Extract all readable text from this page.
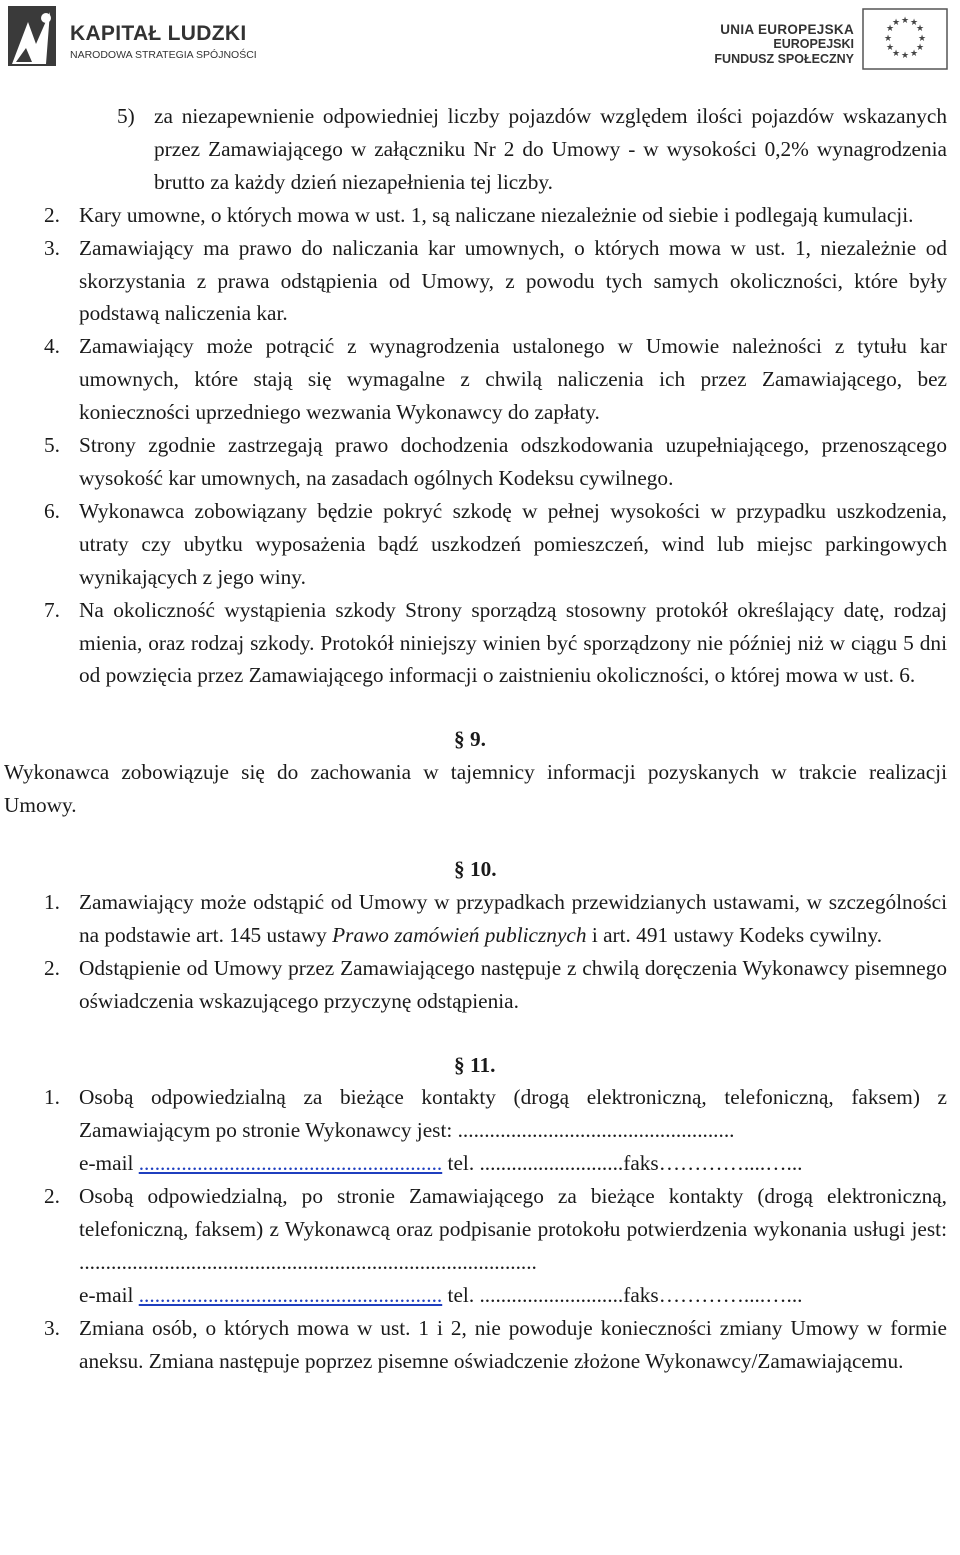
KAPITAŁ LUDZKI
NARODOWA STRATEGIA SPÓJNOŚCI
UNIA EUROPEJSKA
EUROPEJSKI
FUNDUSZ SPOŁECZNY
★ ★
★
★
★
★
★
★
★
★
★
★
5) za niezapewnienie odpowiedniej liczby pojazdów względem ilości pojazdów wskazanych przez Zamawiającego w załączniku Nr 2 do Umowy - w wysokości 0,2% wynagrodzenia brutto za każdy dzień niezapełnienia tej liczby.
2. Kary umowne, o których mowa w ust. 1, są naliczane niezależnie od siebie i podlegają kumulacji.
3. Zamawiający ma prawo do naliczania kar umownych, o których mowa w ust. 1, niezależnie od skorzystania z prawa odstąpienia od Umowy, z powodu tych samych okoliczności, które były podstawą naliczenia kar.
4. Zamawiający może potrącić z wynagrodzenia ustalonego w Umowie należności z tytułu kar umownych, które stają się wymagalne z chwilą naliczenia ich przez Zamawiającego, bez konieczności uprzedniego wezwania Wykonawcy do zapłaty.
5. Strony zgodnie zastrzegają prawo dochodzenia odszkodowania uzupełniającego, przenoszącego wysokość kar umownych, na zasadach ogólnych Kodeksu cywilnego.
6. Wykonawca zobowiązany będzie pokryć szkodę w pełnej wysokości w przypadku uszkodzenia, utraty czy ubytku wyposażenia bądź uszkodzeń pomieszczeń, wind lub miejsc parkingowych wynikających z jego winy.
7. Na okoliczność wystąpienia szkody Strony sporządzą stosowny protokół określający datę, rodzaj mienia, oraz rodzaj szkody. Protokół niniejszy winien być sporządzony nie później niż w ciągu 5 dni od powzięcia przez Zamawiającego informacji o zaistnieniu okoliczności, o której mowa w ust. 6.
§ 9.
Wykonawca zobowiązuje się do zachowania w tajemnicy informacji pozyskanych w trakcie realizacji Umowy.
§ 10.
1. Zamawiający może odstąpić od Umowy w przypadkach przewidzianych ustawami, w szczególności na podstawie art. 145 ustawy Prawo zamówień publicznych i art. 491 ustawy Kodeks cywilny.
2. Odstąpienie od Umowy przez Zamawiającego następuje z chwilą doręczenia Wykonawcy pisemnego oświadczenia wskazującego przyczynę odstąpienia.
§ 11.
1. Osobą odpowiedzialną za bieżące kontakty (drogą elektroniczną, telefoniczną, faksem) z Zamawiającym po stronie Wykonawcy jest: ....................................................
e-mail ......................................................... tel. ...........................faks…………....…...
2. Osobą odpowiedzialną, po stronie Zamawiającego za bieżące kontakty (drogą elektroniczną, telefoniczną, faksem) z Wykonawcą oraz podpisanie protokołu potwierdzenia wykonania usługi jest: ......................................................................................
e-mail ......................................................... tel. ...........................faks…………....…...
3. Zmiana osób, o których mowa w ust. 1 i 2, nie powoduje konieczności zmiany Umowy w formie aneksu. Zmiana następuje poprzez pisemne oświadczenie złożone Wykonawcy/Zamawiającemu.
